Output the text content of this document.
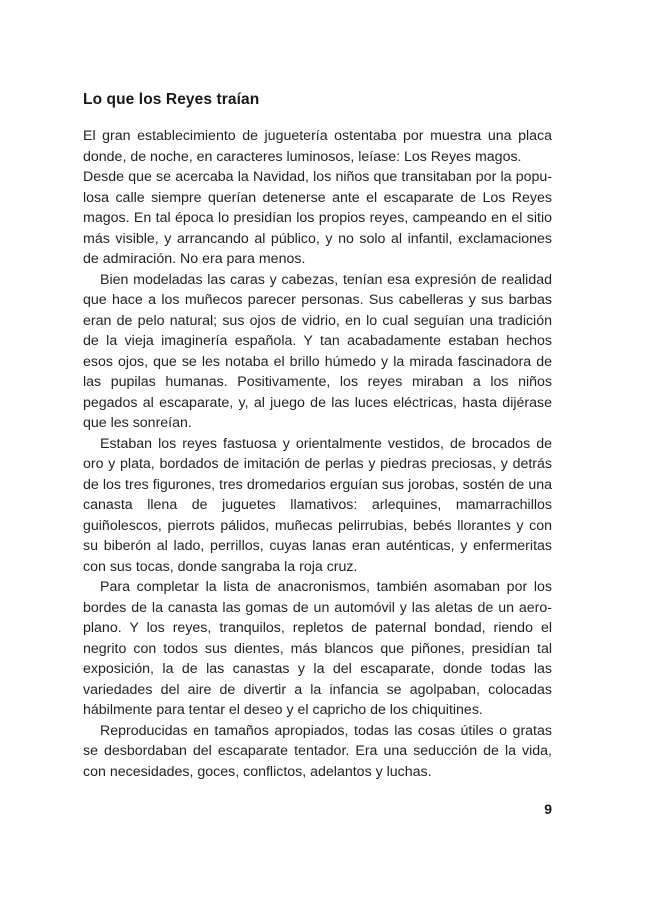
Lo que los Reyes traían

El gran establecimiento de juguetería ostentaba por muestra una placa donde, de noche, en caracteres luminosos, leíase: Los Reyes magos.

Desde que se acercaba la Navidad, los niños que transitaban por la populosa calle siempre querían detenerse ante el escaparate de Los Reyes magos. En tal época lo presidían los propios reyes, campeando en el sitio más visible, y arrancando al público, y no solo al infantil, exclamaciones de admiración. No era para menos.

Bien modeladas las caras y cabezas, tenían esa expresión de realidad que hace a los muñecos parecer personas. Sus cabelleras y sus barbas eran de pelo natural; sus ojos de vidrio, en lo cual seguían una tradición de la vieja imaginería española. Y tan acabadamente estaban hechos esos ojos, que se les notaba el brillo húmedo y la mirada fascinadora de las pupilas humanas. Positivamente, los reyes miraban a los niños pegados al escaparate, y, al juego de las luces eléctricas, hasta dijérase que les sonreían.

Estaban los reyes fastuosa y orientalmente vestidos, de brocados de oro y plata, bordados de imitación de perlas y piedras preciosas, y detrás de los tres figurones, tres dromedarios erguían sus jorobas, sostén de una canasta llena de juguetes llamativos: arlequines, mamarrachillos guiñolescos, pierrots pálidos, muñecas pelirrubias, bebés llorantes y con su biberón al lado, perrillos, cuyas lanas eran auténticas, y enfermeritas con sus tocas, donde sangraba la roja cruz.

Para completar la lista de anacronismos, también asomaban por los bordes de la canasta las gomas de un automóvil y las aletas de un aeroplano. Y los reyes, tranquilos, repletos de paternal bondad, riendo el negrito con todos sus dientes, más blancos que piñones, presidían tal exposición, la de las canastas y la del escaparate, donde todas las variedades del aire de divertir a la infancia se agolpaban, colocadas hábilmente para tentar el deseo y el capricho de los chiquitines.

Reproducidas en tamaños apropiados, todas las cosas útiles o gratas se desbordaban del escaparate tentador. Era una seducción de la vida, con necesidades, goces, conflictos, adelantos y luchas.

9
